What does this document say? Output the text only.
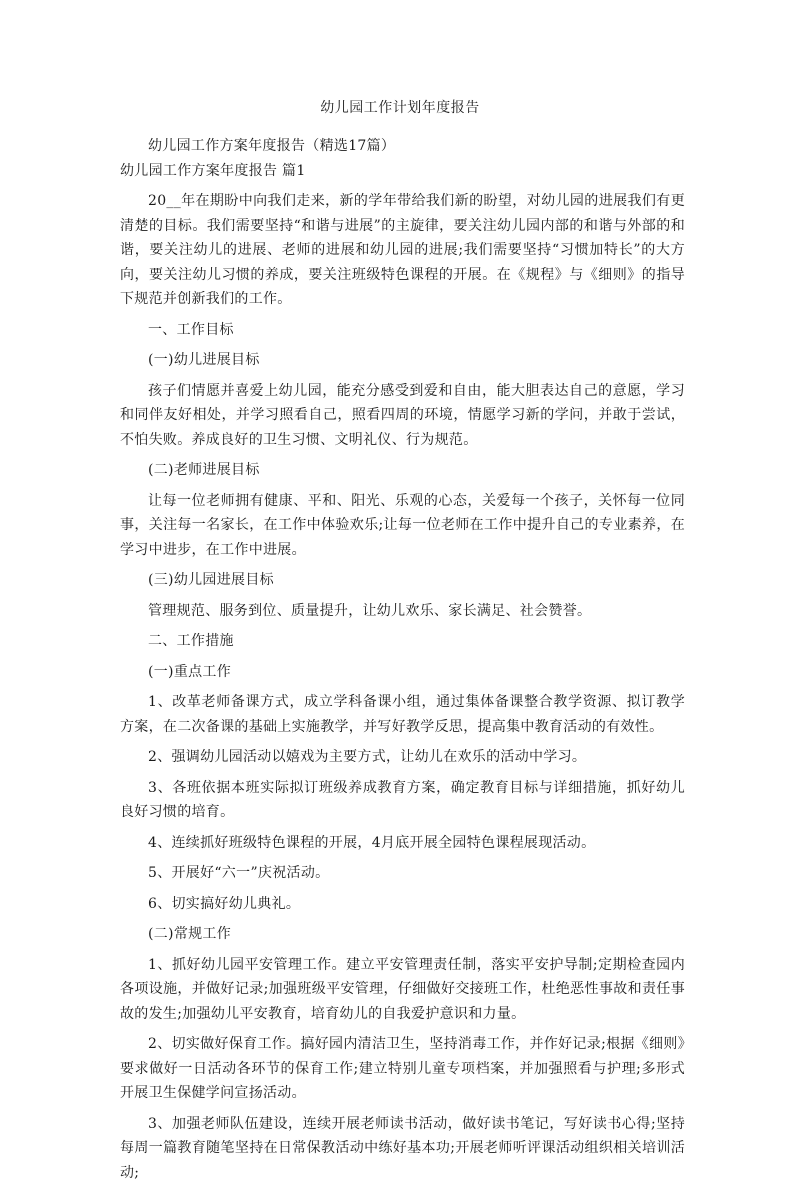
幼儿园工作计划年度报告

幼儿园工作方案年度报告（精选17篇）

幼儿园工作方案年度报告 篇1

20__年在期盼中向我们走来，新的学年带给我们新的盼望，对幼儿园的进展我们有更清楚的目标。我们需要坚持“和谐与进展”的主旋律，要关注幼儿园内部的和谐与外部的和谐，要关注幼儿的进展、老师的进展和幼儿园的进展;我们需要坚持“习惯加特长”的大方向，要关注幼儿习惯的养成，要关注班级特色课程的开展。在《规程》与《细则》的指导下规范并创新我们的工作。

一、工作目标

(一)幼儿进展目标

孩子们情愿并喜爱上幼儿园，能充分感受到爱和自由，能大胆表达自己的意愿，学习和同伴友好相处，并学习照看自己，照看四周的环境，情愿学习新的学问，并敢于尝试，不怕失败。养成良好的卫生习惯、文明礼仪、行为规范。

(二)老师进展目标

让每一位老师拥有健康、平和、阳光、乐观的心态，关爱每一个孩子，关怀每一位同事，关注每一名家长，在工作中体验欢乐;让每一位老师在工作中提升自己的专业素养，在学习中进步，在工作中进展。

(三)幼儿园进展目标

管理规范、服务到位、质量提升，让幼儿欢乐、家长满足、社会赞誉。

二、工作措施

(一)重点工作

1、改革老师备课方式，成立学科备课小组，通过集体备课整合教学资源、拟订教学方案，在二次备课的基础上实施教学，并写好教学反思，提高集中教育活动的有效性。

2、强调幼儿园活动以嬉戏为主要方式，让幼儿在欢乐的活动中学习。

3、各班依据本班实际拟订班级养成教育方案，确定教育目标与详细措施，抓好幼儿良好习惯的培育。

4、连续抓好班级特色课程的开展，4月底开展全园特色课程展现活动。

5、开展好“六一”庆祝活动。

6、切实搞好幼儿典礼。

(二)常规工作

1、抓好幼儿园平安管理工作。建立平安管理责任制，落实平安护导制;定期检查园内各项设施，并做好记录;加强班级平安管理，仔细做好交接班工作，杜绝恶性事故和责任事故的发生;加强幼儿平安教育，培育幼儿的自我爱护意识和力量。

2、切实做好保育工作。搞好园内清洁卫生，坚持消毒工作，并作好记录;根据《细则》要求做好一日活动各环节的保育工作;建立特别儿童专项档案，并加强照看与护理;多形式开展卫生保健学问宣扬活动。

3、加强老师队伍建设，连续开展老师读书活动，做好读书笔记，写好读书心得;坚持每周一篇教育随笔坚持在日常保教活动中练好基本功;开展老师听评课活动组织相关培训活动;
